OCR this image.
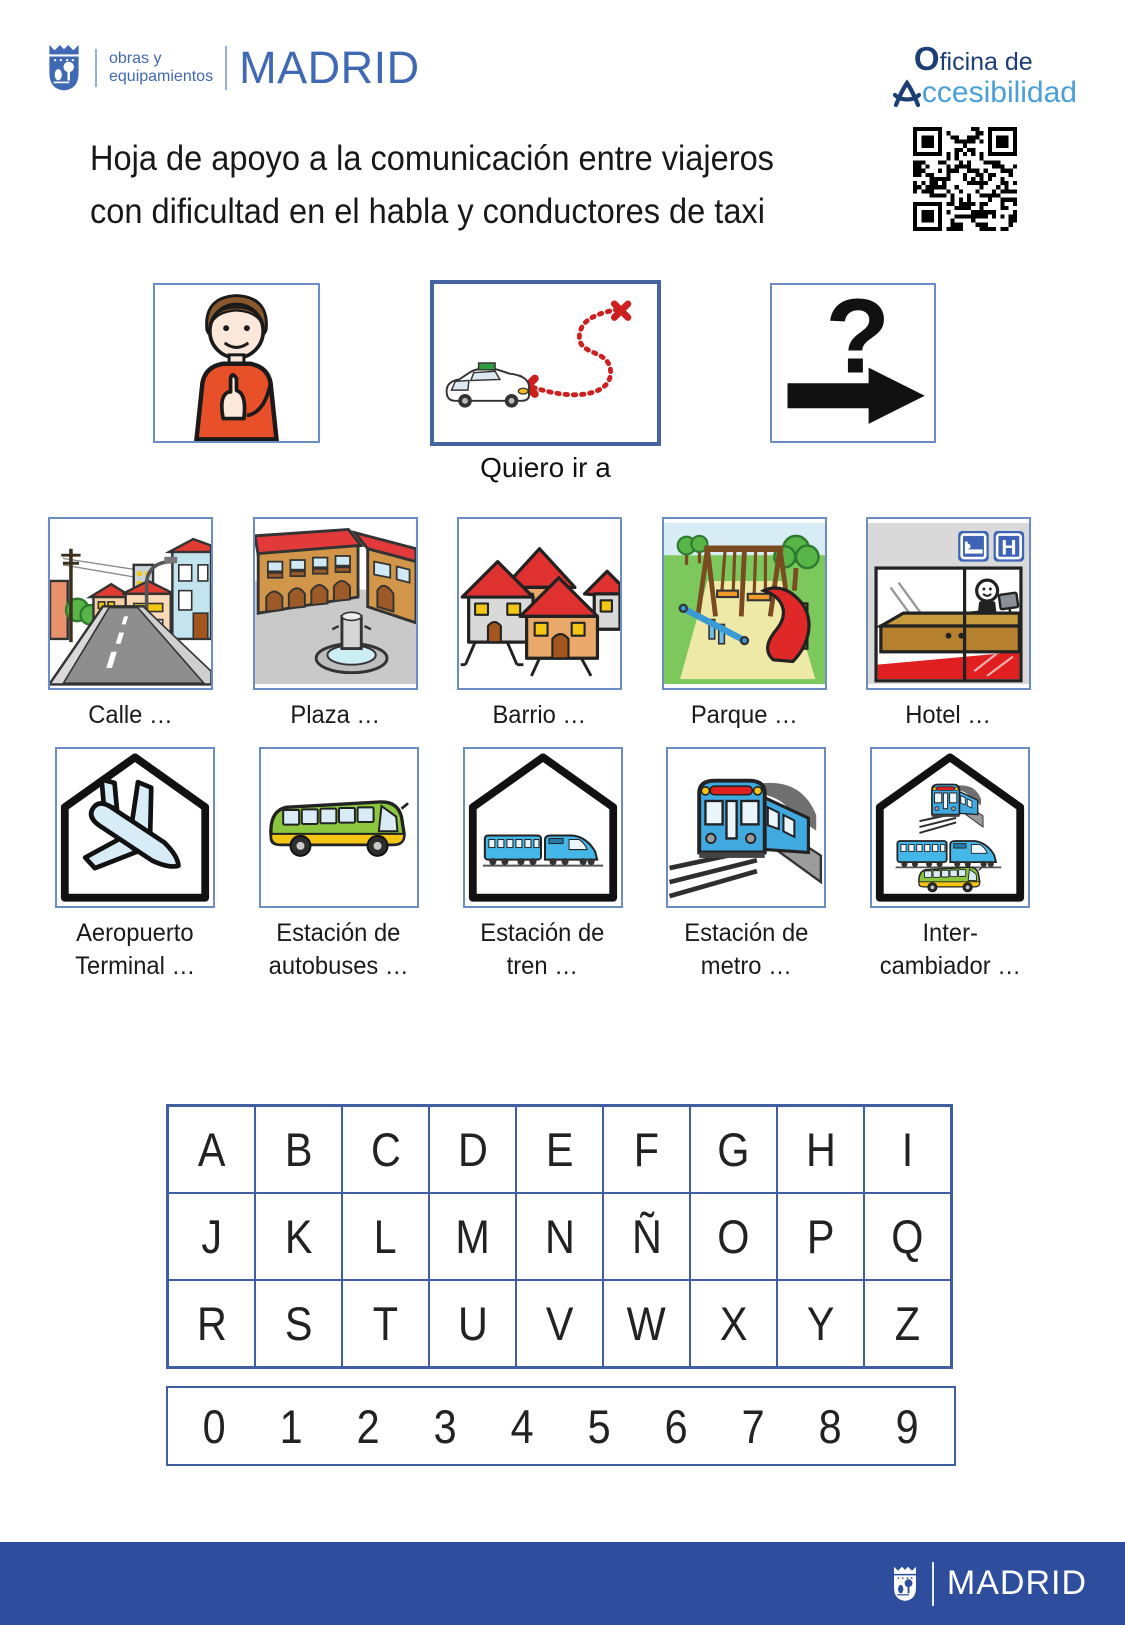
obras y
equipamientos MADRID	Oficina de
ccesibilidad
Hoja de apoyo a la comunicación entre viajeros
con dificultad en el habla y conductores de taxi
?
Quiero ir a
Calle …	Plaza …	Barrio …	Parque …
H
Hotel …
Aeropuerto
Terminal …
Estación de
autobuses …
Estación de
tren …
Estación de
metro …
Inter-
cambiador …
A B C D E F G H I
J K L M N Ñ O P Q
R S T U V W X Y Z
0 1 2 3 4 5 6 7 8 9
MADRID
